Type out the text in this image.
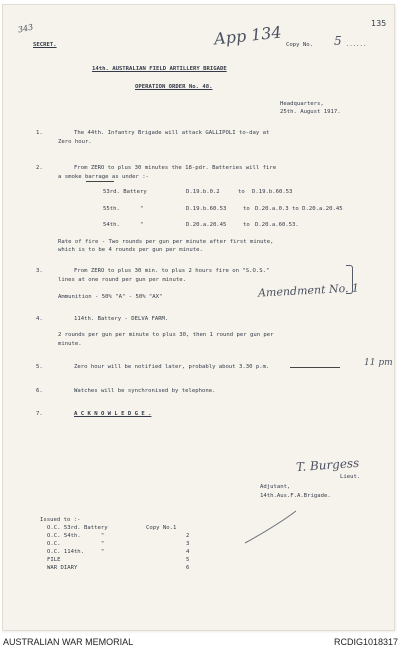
343	135
App 134
SECRET.	Copy No. 5 ......
14th. AUSTRALIAN FIELD ARTILLERY BRIGADE
OPERATION ORDER No. 48.
Headquarters,
25th. August 1917.
1.	The 44th. Infantry Brigade will attack GALLIPOLI to-day at
Zero hour.
2.	From ZERO to plus 30 minutes the 18-pdr. Batteries will fire
a smoke barrage as under :-
53rd. Battery	D.19.b.0.2	to D.19.b.60.53
55th.      "	D.19.b.60.53	to D.20.a.0.3 to D.20.a.20.45
54th.      "	D.20.a.20.45	to D.20.a.60.53.
Rate of fire - Two rounds per gun per minute after first minute,
which is to be 4 rounds per gun per minute.
3.	From ZERO to plus 30 min. to plus 2 hours fire on "S.O.S."
lines at one round per gun per minute.
Ammunition - 50% "A" - 50% "AX"	Amendment No. 1
4.	114th. Battery - DELVA FARM.
2 rounds per gun per minute to plus 30, then 1 round per gun per
minute.
5.	Zero hour will be notified later, probably about 3.30 p.m.	11 pm
6.	Watches will be synchronised by telephone.
7.	A C K N O W L E D G E .
T. Burgess
Lieut.
Adjutant,
14th.Aus.F.A.Brigade.
Issued to :-
O.C. 53rd. Battery	Copy No.1
O.C. 54th.      "	2
O.C.            "	3
O.C. 114th.     "	4
FILE	5
WAR DIARY	6
AUSTRALIAN WAR MEMORIAL	RCDIG1018317
